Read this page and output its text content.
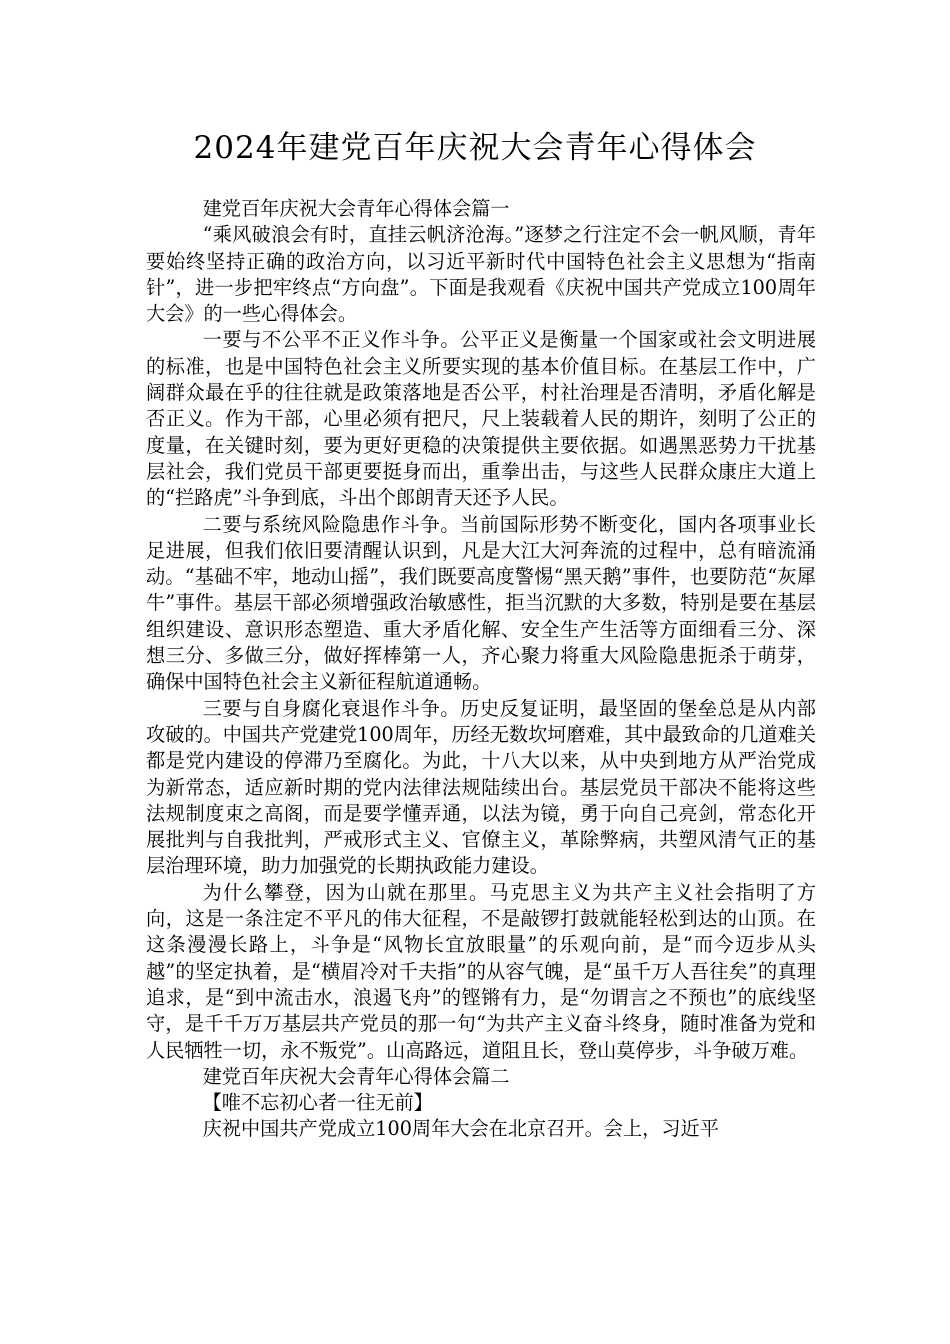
2024年建党百年庆祝大会青年心得体会

建党百年庆祝大会青年心得体会篇一

“乘风破浪会有时，直挂云帆济沧海。”逐梦之行注定不会一帆风顺，青年要始终坚持正确的政治方向，以习近平新时代中国特色社会主义思想为“指南针”，进一步把牢终点“方向盘”。下面是我观看《庆祝中国共产党成立100周年大会》的一些心得体会。

一要与不公平不正义作斗争。公平正义是衡量一个国家或社会文明进展的标准，也是中国特色社会主义所要实现的基本价值目标。在基层工作中，广阔群众最在乎的往往就是政策落地是否公平，村社治理是否清明，矛盾化解是否正义。作为干部，心里必须有把尺，尺上装载着人民的期许，刻明了公正的度量，在关键时刻，要为更好更稳的决策提供主要依据。如遇黑恶势力干扰基层社会，我们党员干部更要挺身而出，重拳出击，与这些人民群众康庄大道上的“拦路虎”斗争到底，斗出个郎朗青天还予人民。

二要与系统风险隐患作斗争。当前国际形势不断变化，国内各项事业长足进展，但我们依旧要清醒认识到，凡是大江大河奔流的过程中，总有暗流涌动。“基础不牢，地动山摇”，我们既要高度警惕“黑天鹅”事件，也要防范“灰犀牛”事件。基层干部必须增强政治敏感性，拒当沉默的大多数，特别是要在基层组织建设、意识形态塑造、重大矛盾化解、安全生产生活等方面细看三分、深想三分、多做三分，做好挥棒第一人，齐心聚力将重大风险隐患扼杀于萌芽，确保中国特色社会主义新征程航道通畅。

三要与自身腐化衰退作斗争。历史反复证明，最坚固的堡垒总是从内部攻破的。中国共产党建党100周年，历经无数坎坷磨难，其中最致命的几道难关都是党内建设的停滞乃至腐化。为此，十八大以来，从中央到地方从严治党成为新常态，适应新时期的党内法律法规陆续出台。基层党员干部决不能将这些法规制度束之高阁，而是要学懂弄通，以法为镜，勇于向自己亮剑，常态化开展批判与自我批判，严戒形式主义、官僚主义，革除弊病，共塑风清气正的基层治理环境，助力加强党的长期执政能力建设。

为什么攀登，因为山就在那里。马克思主义为共产主义社会指明了方向，这是一条注定不平凡的伟大征程，不是敲锣打鼓就能轻松到达的山顶。在这条漫漫长路上，斗争是“风物长宜放眼量”的乐观向前，是“而今迈步从头越”的坚定执着，是“横眉冷对千夫指”的从容气魄，是“虽千万人吾往矣”的真理追求，是“到中流击水，浪遏飞舟”的铿锵有力，是“勿谓言之不预也”的底线坚守，是千千万万基层共产党员的那一句“为共产主义奋斗终身，随时准备为党和人民牺牲一切，永不叛党”。山高路远，道阻且长，登山莫停步，斗争破万难。

建党百年庆祝大会青年心得体会篇二

【唯不忘初心者一往无前】

庆祝中国共产党成立100周年大会在北京召开。会上，习近平
